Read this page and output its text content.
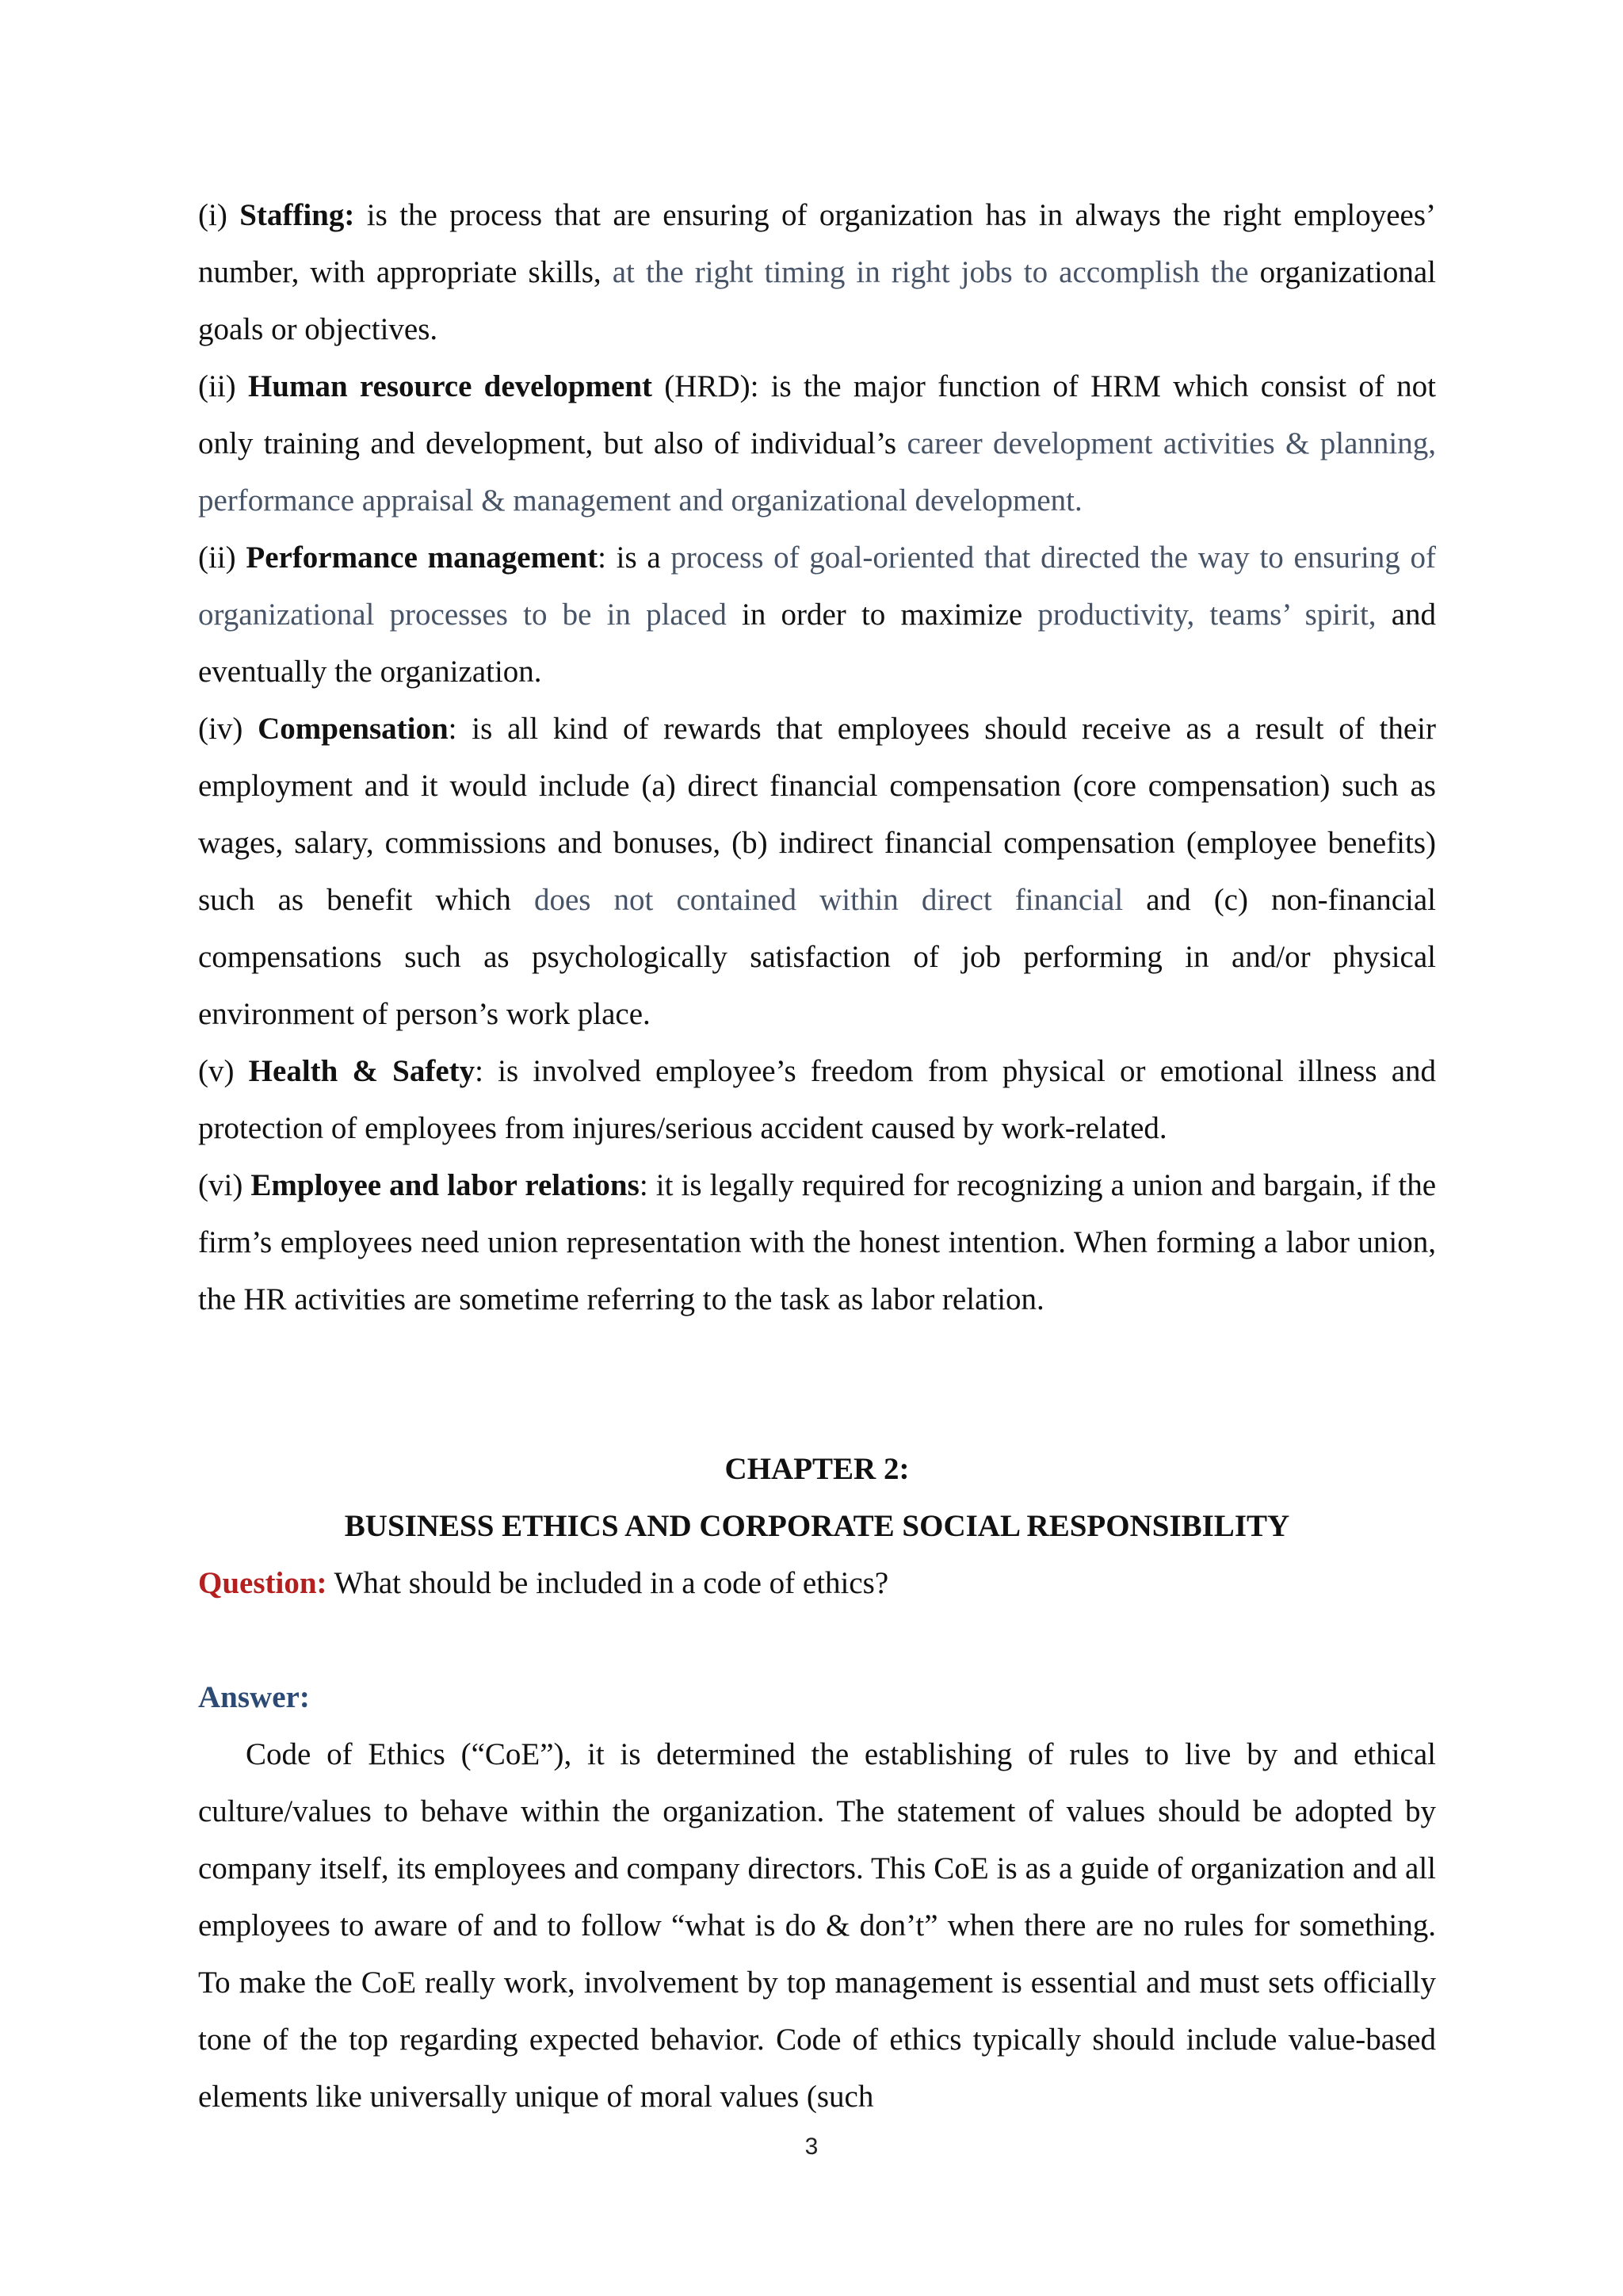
(i) Staffing: is the process that are ensuring of organization has in always the right employees’ number, with appropriate skills, at the right timing in right jobs to accomplish the organizational goals or objectives.

(ii) Human resource development (HRD): is the major function of HRM which consist of not only training and development, but also of individual’s career development activities & planning, performance appraisal & management and organizational development.

(ii) Performance management: is a process of goal-oriented that directed the way to ensuring of organizational processes to be in placed in order to maximize productivity, teams’ spirit, and eventually the organization.

(iv) Compensation: is all kind of rewards that employees should receive as a result of their employment and it would include (a) direct financial compensation (core compensation) such as wages, salary, commissions and bonuses, (b) indirect financial compensation (employee benefits) such as benefit which does not contained within direct financial and (c) non-financial compensations such as psychologically satisfaction of job performing in and/or physical environment of person’s work place.

(v) Health & Safety: is involved employee’s freedom from physical or emotional illness and protection of employees from injures/serious accident caused by work-related.

(vi) Employee and labor relations: it is legally required for recognizing a union and bargain, if the firm’s employees need union representation with the honest intention. When forming a labor union, the HR activities are sometime referring to the task as labor relation.

CHAPTER 2:

BUSINESS ETHICS AND CORPORATE SOCIAL RESPONSIBILITY

Question: What should be included in a code of ethics?

Answer:

Code of Ethics (“CoE”), it is determined the establishing of rules to live by and ethical culture/values to behave within the organization. The statement of values should be adopted by company itself, its employees and company directors. This CoE is as a guide of organization and all employees to aware of and to follow “what is do & don’t” when there are no rules for something. To make the CoE really work, involvement by top management is essential and must sets officially tone of the top regarding expected behavior. Code of ethics typically should include value-based elements like universally unique of moral values (such

3
